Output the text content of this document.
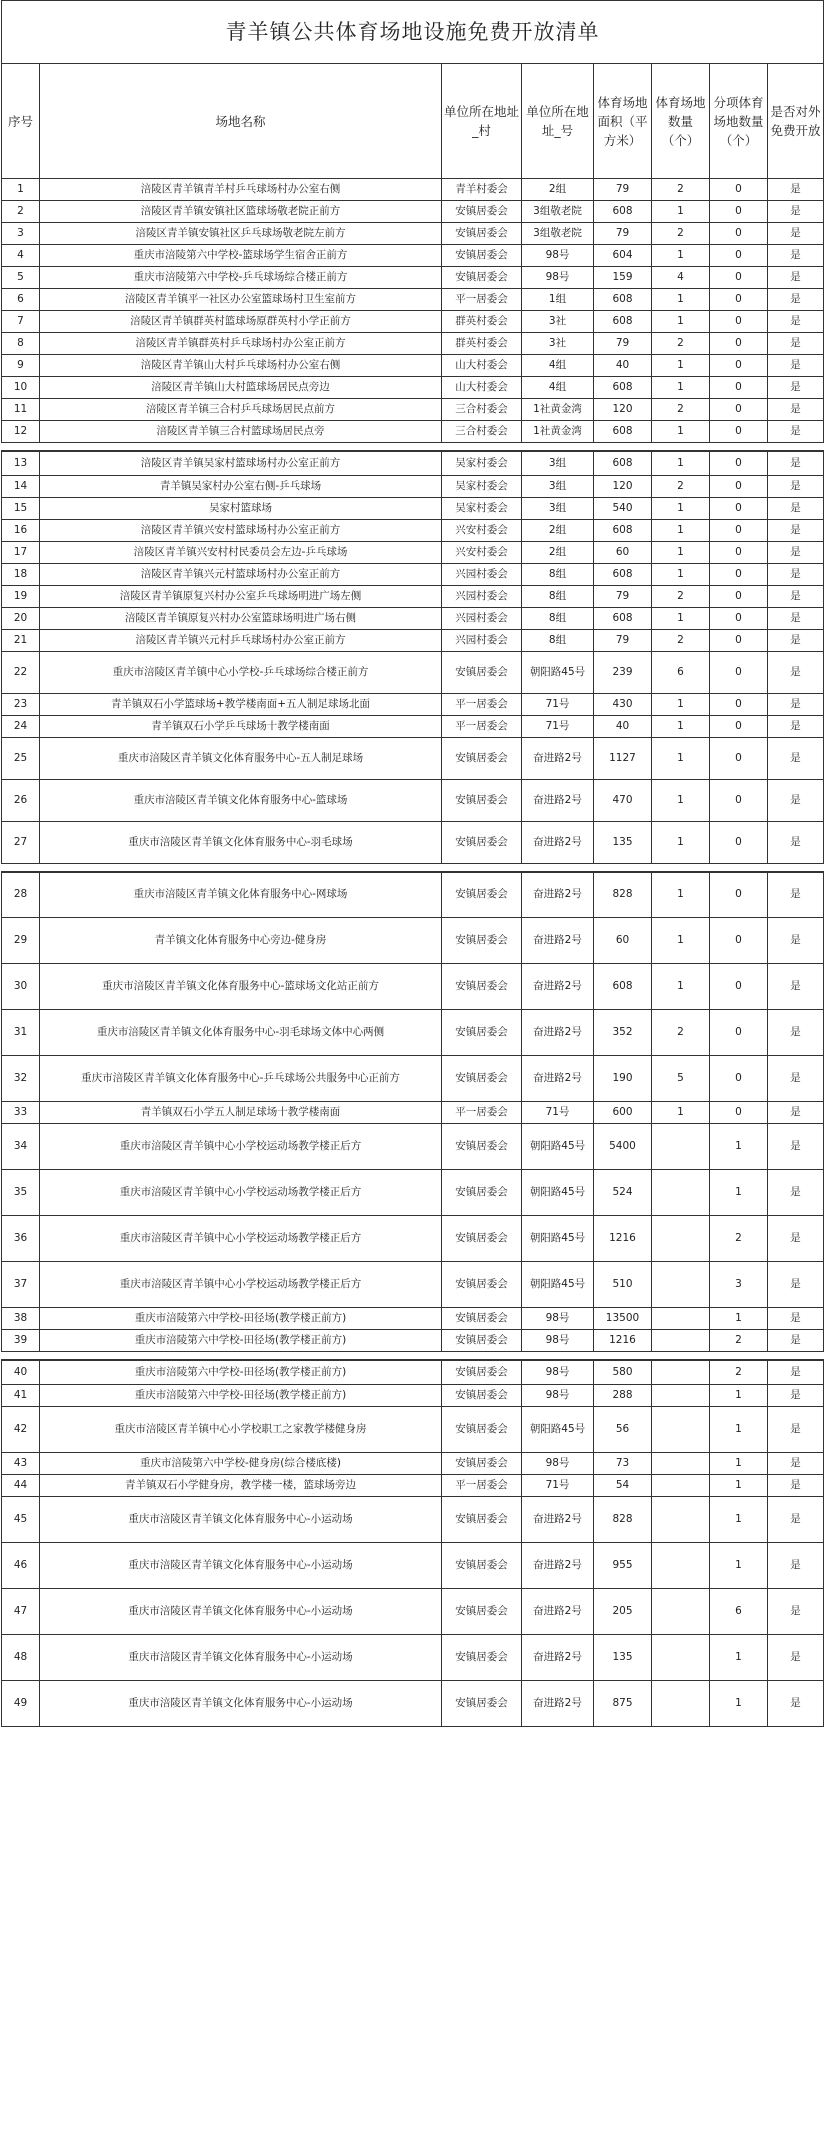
青羊镇公共体育场地设施免费开放清单							
序号	场地名称	单位所在地址_村	单位所在地址_号	体育场地面积（平方米）	体育场地数量（个）	分项体育场地数量（个）	是否对外免费开放
1	涪陵区青羊镇青羊村乒乓球场村办公室右侧	青羊村委会	2组	79	2	0	是
2	涪陵区青羊镇安镇社区篮球场敬老院正前方	安镇居委会	3组敬老院	608	1	0	是
3	涪陵区青羊镇安镇社区乒乓球场敬老院左前方	安镇居委会	3组敬老院	79	2	0	是
4	重庆市涪陵第六中学校-篮球场学生宿舍正前方	安镇居委会	98号	604	1	0	是
5	重庆市涪陵第六中学校-乒乓球场综合楼正前方	安镇居委会	98号	159	4	0	是
6	涪陵区青羊镇平一社区办公室篮球场村卫生室前方	平一居委会	1组	608	1	0	是
7	涪陵区青羊镇群英村篮球场原群英村小学正前方	群英村委会	3社	608	1	0	是
8	涪陵区青羊镇群英村乒乓球场村办公室正前方	群英村委会	3社	79	2	0	是
9	涪陵区青羊镇山大村乒乓球场村办公室右侧	山大村委会	4组	40	1	0	是
10	涪陵区青羊镇山大村篮球场居民点旁边	山大村委会	4组	608	1	0	是
11	涪陵区青羊镇三合村乒乓球场居民点前方	三合村委会	1社黄金湾	120	2	0	是
12	涪陵区青羊镇三合村篮球场居民点旁	三合村委会	1社黄金湾	608	1	0	是

13	涪陵区青羊镇吴家村篮球场村办公室正前方	吴家村委会	3组	608	1	0	是
14	青羊镇吴家村办公室右侧-乒乓球场	吴家村委会	3组	120	2	0	是
15	吴家村篮球场	吴家村委会	3组	540	1	0	是
16	涪陵区青羊镇兴安村篮球场村办公室正前方	兴安村委会	2组	608	1	0	是
17	涪陵区青羊镇兴安村村民委员会左边-乒乓球场	兴安村委会	2组	60	1	0	是
18	涪陵区青羊镇兴元村篮球场村办公室正前方	兴园村委会	8组	608	1	0	是
19	涪陵区青羊镇原复兴村办公室乒乓球场明进广场左侧	兴园村委会	8组	79	2	0	是
20	涪陵区青羊镇原复兴村办公室篮球场明进广场右侧	兴园村委会	8组	608	1	0	是
21	涪陵区青羊镇兴元村乒乓球场村办公室正前方	兴园村委会	8组	79	2	0	是
22	重庆市涪陵区青羊镇中心小学校-乒乓球场综合楼正前方	安镇居委会	朝阳路45号	239	6	0	是
23	青羊镇双石小学篮球场+教学楼南面+五人制足球场北面	平一居委会	71号	430	1	0	是
24	青羊镇双石小学乒乓球场十教学楼南面	平一居委会	71号	40	1	0	是
25	重庆市涪陵区青羊镇文化体育服务中心-五人制足球场	安镇居委会	奋进路2号	1127	1	0	是
26	重庆市涪陵区青羊镇文化体育服务中心-篮球场	安镇居委会	奋进路2号	470	1	0	是
27	重庆市涪陵区青羊镇文化体育服务中心-羽毛球场	安镇居委会	奋进路2号	135	1	0	是

28	重庆市涪陵区青羊镇文化体育服务中心-网球场	安镇居委会	奋进路2号	828	1	0	是
29	青羊镇文化体育服务中心旁边-健身房	安镇居委会	奋进路2号	60	1	0	是
30	重庆市涪陵区青羊镇文化体育服务中心-篮球场文化站正前方	安镇居委会	奋进路2号	608	1	0	是
31	重庆市涪陵区青羊镇文化体育服务中心-羽毛球场文体中心两侧	安镇居委会	奋进路2号	352	2	0	是
32	重庆市涪陵区青羊镇文化体育服务中心-乒乓球场公共服务中心正前方	安镇居委会	奋进路2号	190	5	0	是
33	青羊镇双石小学五人制足球场十教学楼南面	平一居委会	71号	600	1	0	是
34	重庆市涪陵区青羊镇中心小学校运动场教学楼正后方	安镇居委会	朝阳路45号	5400		1	是
35	重庆市涪陵区青羊镇中心小学校运动场教学楼正后方	安镇居委会	朝阳路45号	524		1	是
36	重庆市涪陵区青羊镇中心小学校运动场教学楼正后方	安镇居委会	朝阳路45号	1216		2	是
37	重庆市涪陵区青羊镇中心小学校运动场教学楼正后方	安镇居委会	朝阳路45号	510		3	是
38	重庆市涪陵第六中学校-田径场(教学楼正前方)	安镇居委会	98号	13500		1	是
39	重庆市涪陵第六中学校-田径场(教学楼正前方)	安镇居委会	98号	1216		2	是

40	重庆市涪陵第六中学校-田径场(教学楼正前方)	安镇居委会	98号	580		2	是
41	重庆市涪陵第六中学校-田径场(教学楼正前方)	安镇居委会	98号	288		1	是
42	重庆市涪陵区青羊镇中心小学校职工之家教学楼健身房	安镇居委会	朝阳路45号	56		1	是
43	重庆市涪陵第六中学校-健身房(综合楼底楼)	安镇居委会	98号	73		1	是
44	青羊镇双石小学健身房，教学楼一楼，篮球场旁边	平一居委会	71号	54		1	是
45	重庆市涪陵区青羊镇文化体育服务中心-小运动场	安镇居委会	奋进路2号	828		1	是
46	重庆市涪陵区青羊镇文化体育服务中心-小运动场	安镇居委会	奋进路2号	955		1	是
47	重庆市涪陵区青羊镇文化体育服务中心-小运动场	安镇居委会	奋进路2号	205		6	是
48	重庆市涪陵区青羊镇文化体育服务中心-小运动场	安镇居委会	奋进路2号	135		1	是
49	重庆市涪陵区青羊镇文化体育服务中心-小运动场	安镇居委会	奋进路2号	875		1	是
